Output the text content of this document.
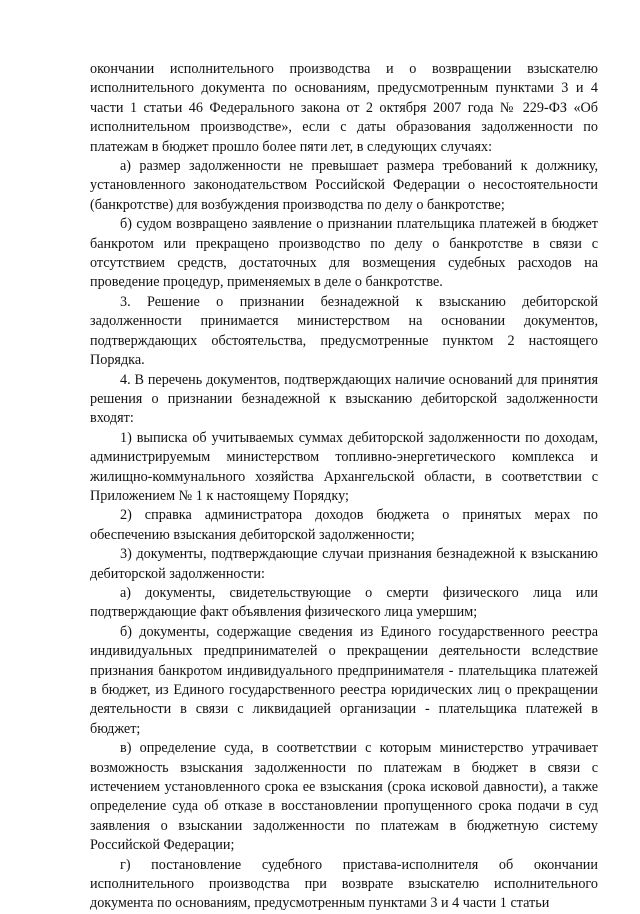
окончании исполнительного производства и о возвращении взыскателю исполнительного документа по основаниям, предусмотренным пунктами 3 и 4 части 1 статьи 46 Федерального закона от 2 октября 2007 года № 229-ФЗ «Об исполнительном производстве», если с даты образования задолженности по платежам в бюджет прошло более пяти лет, в следующих случаях:

а) размер задолженности не превышает размера требований к должнику, установленного законодательством Российской Федерации о несостоятельности (банкротстве) для возбуждения производства по делу о банкротстве;

б) судом возвращено заявление о признании плательщика платежей в бюджет банкротом или прекращено производство по делу о банкротстве в связи с отсутствием средств, достаточных для возмещения судебных расходов на проведение процедур, применяемых в деле о банкротстве.

3. Решение о признании безнадежной к взысканию дебиторской задолженности принимается министерством на основании документов, подтверждающих обстоятельства, предусмотренные пунктом 2 настоящего Порядка.

4. В перечень документов, подтверждающих наличие оснований для принятия решения о признании безнадежной к взысканию дебиторской задолженности входят:

1) выписка об учитываемых суммах дебиторской задолженности по доходам, администрируемым министерством топливно-энергетического комплекса и жилищно-коммунального хозяйства Архангельской области, в соответствии с Приложением № 1 к настоящему Порядку;

2) справка администратора доходов бюджета о принятых мерах по обеспечению взыскания дебиторской задолженности;

3) документы, подтверждающие случаи признания безнадежной к взысканию дебиторской задолженности:

а) документы, свидетельствующие о смерти физического лица или подтверждающие факт объявления физического лица умершим;

б) документы, содержащие сведения из Единого государственного реестра индивидуальных предпринимателей о прекращении деятельности вследствие признания банкротом индивидуального предпринимателя - плательщика платежей в бюджет, из Единого государственного реестра юридических лиц о прекращении деятельности в связи с ликвидацией организации - плательщика платежей в бюджет;

в) определение суда, в соответствии с которым министерство утрачивает возможность взыскания задолженности по платежам в бюджет в связи с истечением установленного срока ее взыскания (срока исковой давности), а также определение суда об отказе в восстановлении пропущенного срока подачи в суд заявления о взыскании задолженности по платежам в бюджетную систему Российской Федерации;

г) постановление судебного пристава-исполнителя об окончании исполнительного производства при возврате взыскателю исполнительного документа по основаниям, предусмотренным пунктами 3 и 4 части 1 статьи
